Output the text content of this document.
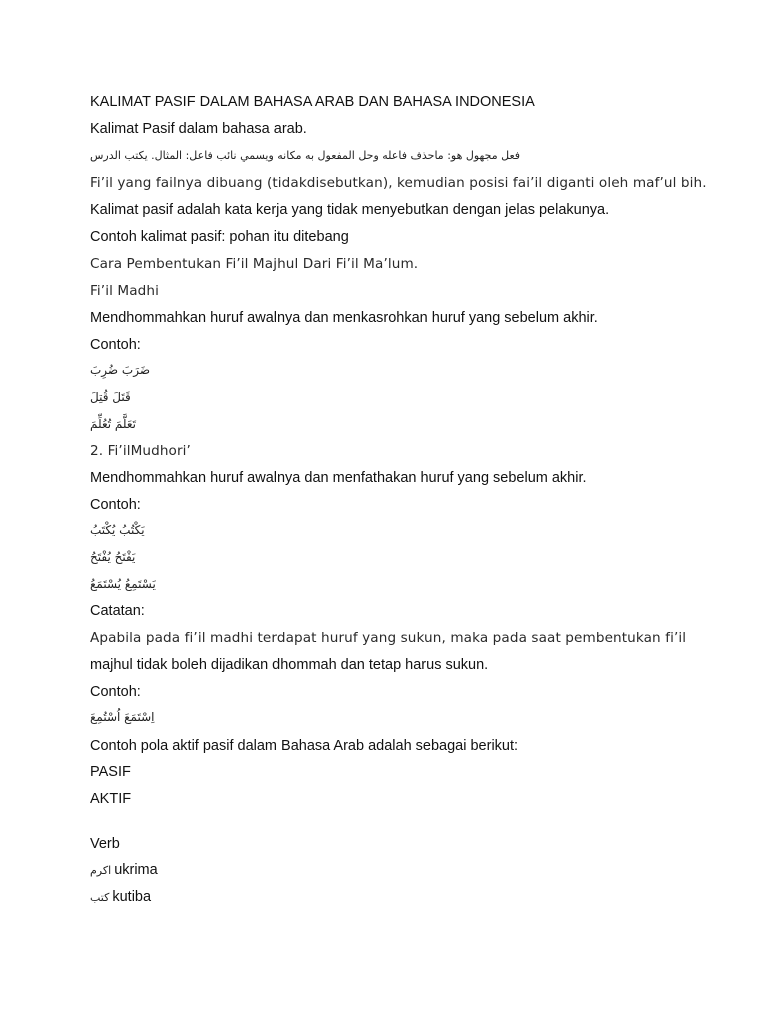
KALIMAT PASIF DALAM BAHASA ARAB DAN BAHASA INDONESIA
Kalimat Pasif dalam bahasa arab.
فعل مجهول هو: ماحذف فاعله وحل المفعول به مكانه ويسمي نائب فاعل: المثال. يكتب الدرس
Fi’il yang failnya dibuang (tidakdisebutkan), kemudian posisi fai’il diganti oleh maf’ul bih.
Kalimat pasif adalah kata kerja yang tidak menyebutkan dengan jelas pelakunya.
Contoh kalimat pasif: pohan itu ditebang
Cara Pembentukan Fi’il Majhul Dari Fi’il Ma’lum.
Fi’il Madhi
Mendhommahkan huruf awalnya dan menkasrohkan huruf yang sebelum akhir.
Contoh:
ضَرَبَ ضُرِبَ
قَتَلَ قُتِلَ
تَعَلَّمَ تُعُلِّمَ
2. Fi’ilMudhori’
Mendhommahkan huruf awalnya dan menfathakan huruf yang sebelum akhir.
Contoh:
يَكْتُبُ يُكْتَبُ
يَفْتَحُ يُفْتَحُ
يَسْتَمِعُ يُسْتَمَعُ
Catatan:
Apabila pada fi’il madhi terdapat huruf yang sukun, maka pada saat pembentukan fi’il
majhul tidak boleh dijadikan dhommah dan tetap harus sukun.
Contoh:
اِسْتَمَعَ اُسْتُمِعَ
Contoh pola aktif pasif dalam Bahasa Arab adalah sebagai berikut:
PASIF
AKTIF
Verb
اكرم ukrima
كتب kutiba
